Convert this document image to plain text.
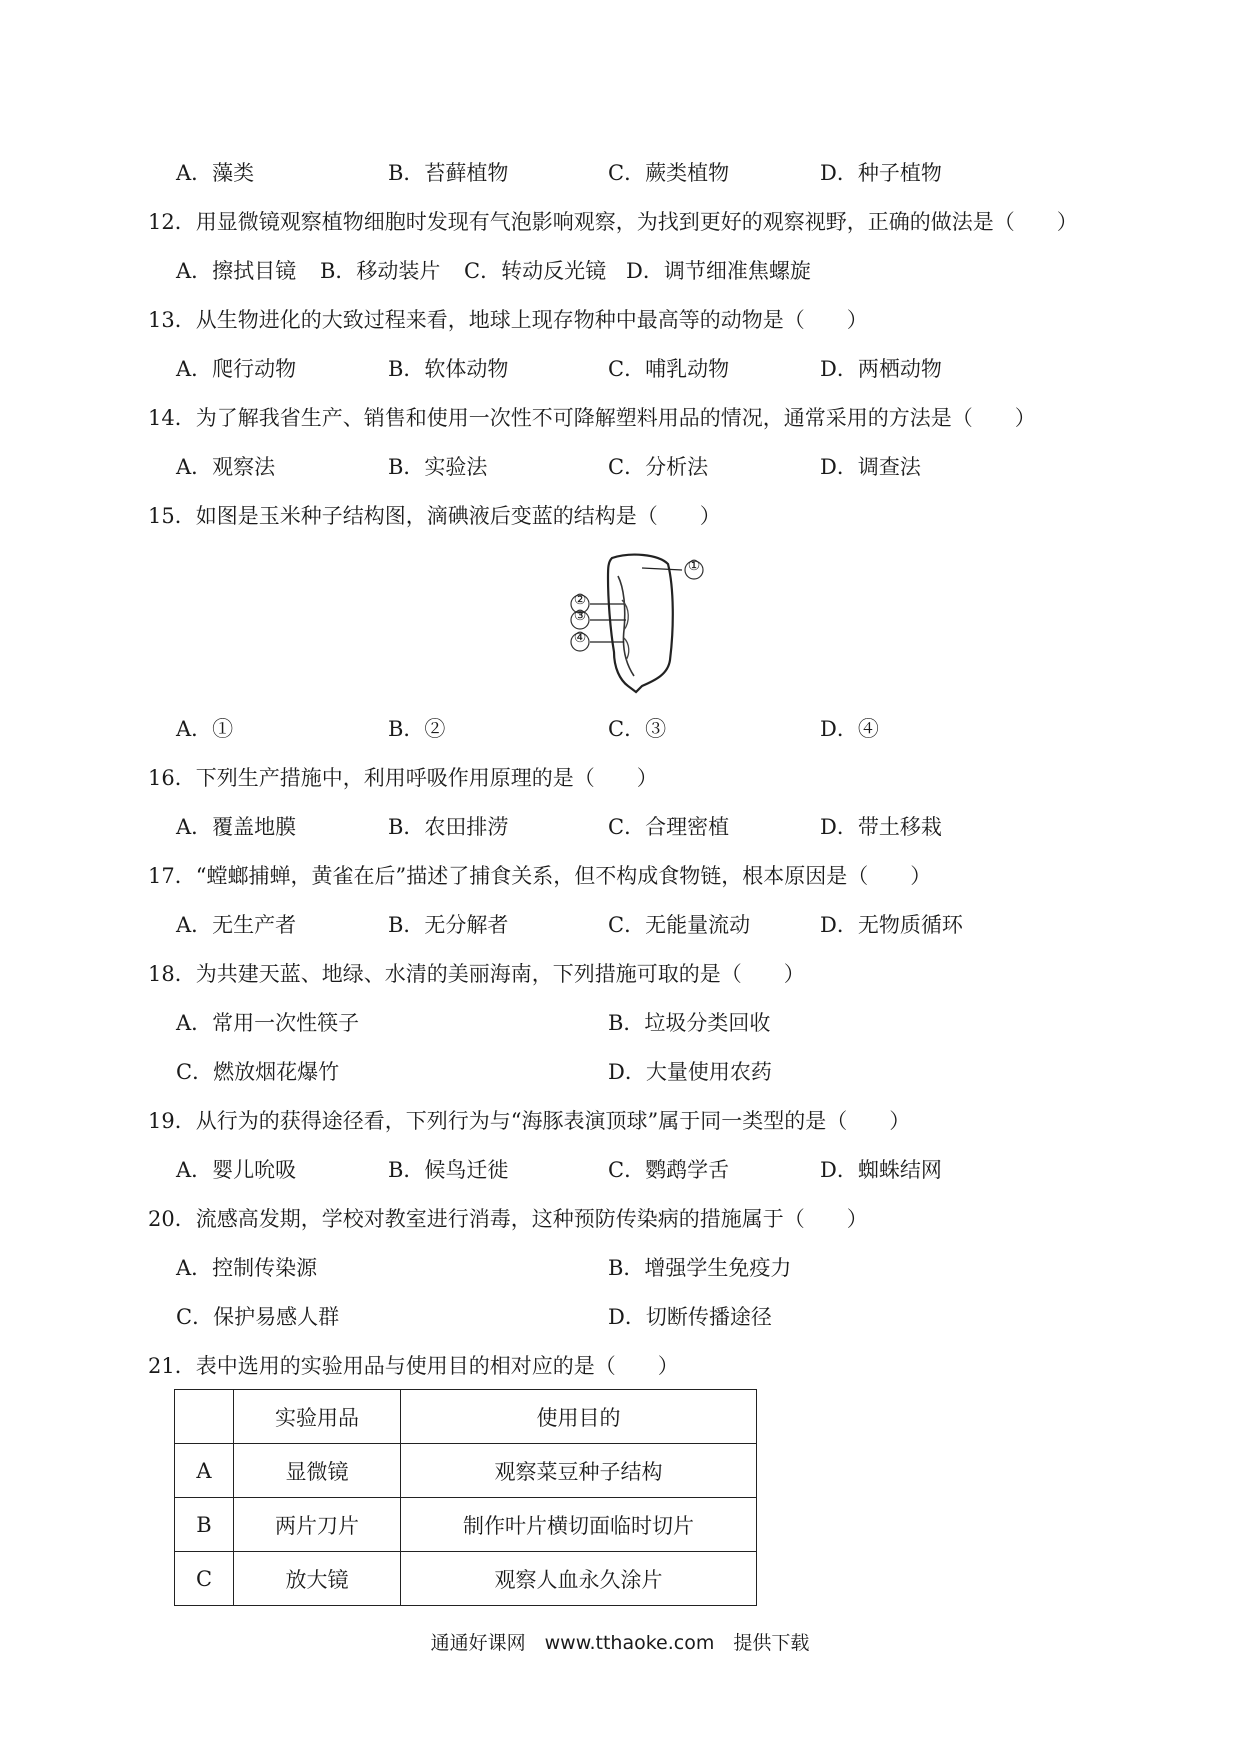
A．藻类	B．苔藓植物	C．蕨类植物	D．种子植物
12．用显微镜观察植物细胞时发现有气泡影响观察，为找到更好的观察视野，正确的做法是（　　）
A．擦拭目镜 B．移动装片 C．转动反光镜 D．调节细准焦螺旋
13．从生物进化的大致过程来看，地球上现存物种中最高等的动物是（　　）
A．爬行动物	B．软体动物	C．哺乳动物	D．两栖动物
14．为了解我省生产、销售和使用一次性不可降解塑料用品的情况，通常采用的方法是（　　）
A．观察法	B．实验法	C．分析法	D．调查法
15．如图是玉米种子结构图，滴碘液后变蓝的结构是（　　）
①
②
③
④
A．①	B．②	C．③	D．④
16．下列生产措施中，利用呼吸作用原理的是（　　）
A．覆盖地膜	B．农田排涝	C．合理密植	D．带土移栽
17．“螳螂捕蝉，黄雀在后”描述了捕食关系，但不构成食物链，根本原因是（　　）
A．无生产者	B．无分解者	C．无能量流动	D．无物质循环
18．为共建天蓝、地绿、水清的美丽海南，下列措施可取的是（　　）
A．常用一次性筷子	B．垃圾分类回收
C．燃放烟花爆竹	D．大量使用农药
19．从行为的获得途径看，下列行为与“海豚表演顶球”属于同一类型的是（　　）
A．婴儿吮吸	B．候鸟迁徙	C．鹦鹉学舌	D．蜘蛛结网
20．流感高发期，学校对教室进行消毒，这种预防传染病的措施属于（　　）
A．控制传染源	B．增强学生免疫力
C．保护易感人群	D．切断传播途径
21．表中选用的实验用品与使用目的相对应的是（　　）
	实验用品	使用目的
A	显微镜	观察菜豆种子结构
B	两片刀片	制作叶片横切面临时切片
C	放大镜	观察人血永久涂片
通通好课网　www.tthaoke.com　提供下载
